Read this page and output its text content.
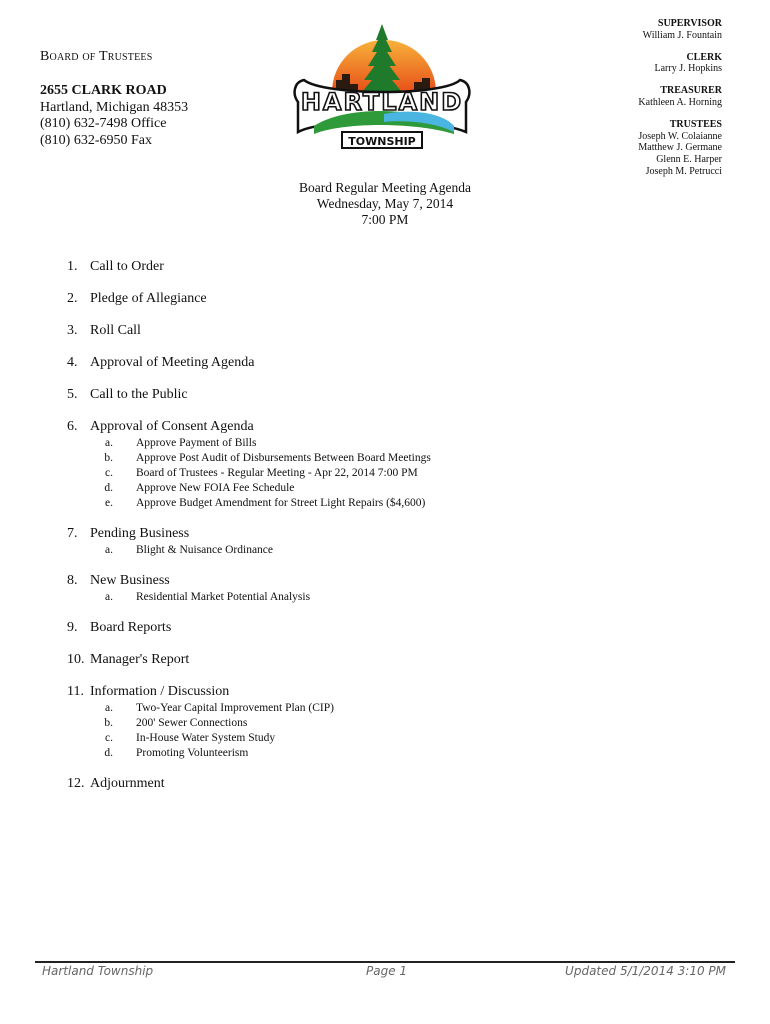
Board of Trustees
2655 CLARK ROAD
Hartland, Michigan 48353
(810) 632-7498 Office
(810) 632-6950 Fax
HARTLAND
TOWNSHIP
SUPERVISOR
William J. Fountain
CLERK
Larry J. Hopkins
TREASURER
Kathleen A. Horning
TRUSTEES
Joseph W. Colaianne
Matthew J. Germane
Glenn E. Harper
Joseph M. Petrucci
Board Regular Meeting Agenda
Wednesday, May 7, 2014
7:00 PM
1. Call to Order
2. Pledge of Allegiance
3. Roll Call
4. Approval of Meeting Agenda
5. Call to the Public
6. Approval of Consent Agenda
a.	Approve Payment of Bills
b.	Approve Post Audit of Disbursements Between Board Meetings
c.	Board of Trustees - Regular Meeting - Apr 22, 2014 7:00 PM
d.	Approve New FOIA Fee Schedule
e.	Approve Budget Amendment for Street Light Repairs ($4,600)
7. Pending Business
a.	Blight & Nuisance Ordinance
8. New Business
a.	Residential Market Potential Analysis
9. Board Reports
10. Manager's Report
11. Information / Discussion
a.	Two-Year Capital Improvement Plan (CIP)
b.	200' Sewer Connections
c.	In-House Water System Study
d.	Promoting Volunteerism
12. Adjournment
Hartland Township	Page 1	Updated 5/1/2014 3:10 PM
